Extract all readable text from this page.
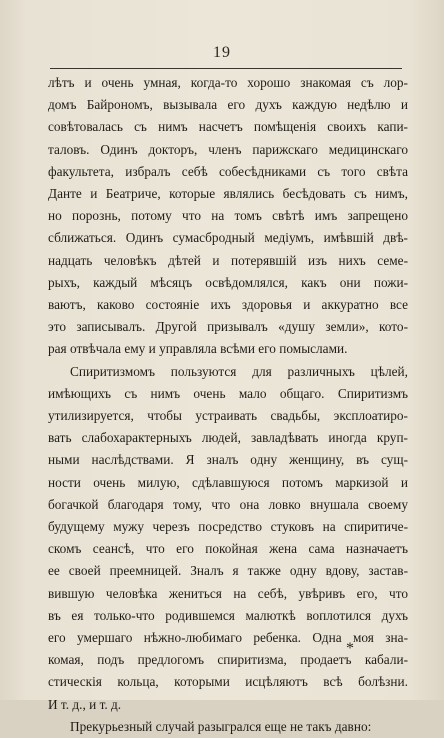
19
лѣтъ и очень умная, когда-то хорошо знакомая съ лор-
домъ Байрономъ, вызывала его духъ каждую недѣлю и
совѣтовалась съ нимъ насчетъ помѣщенія своихъ капи-
таловъ. Одинъ докторъ, членъ парижскаго медицинскаго
факультета, избралъ себѣ собесѣдниками съ того свѣта
Данте и Беатриче, которые являлись бесѣдовать съ нимъ,
но порознь, потому что на томъ свѣтѣ имъ запрещено
сближаться. Одинъ сумасбродный медіумъ, имѣвшій двѣ-
надцать человѣкъ дѣтей и потерявшій изъ нихъ семе-
рыхъ, каждый мѣсяцъ освѣдомлялся, какъ они пожи-
ваютъ, каково состояніе ихъ здоровья и аккуратно все
это записывалъ. Другой призывалъ «душу земли», кото-
рая отвѣчала ему и управляла всѣми его помыслами.
Спиритизмомъ пользуются для различныхъ цѣлей,
имѣющихъ съ нимъ очень мало общаго. Спиритизмъ
утилизируется, чтобы устраивать свадьбы, эксплоатиро-
вать слабохарактерныхъ людей, завладѣвать иногда круп-
ными наслѣдствами. Я зналъ одну женщину, въ сущ-
ности очень милую, сдѣлавшуюся потомъ маркизой и
богачкой благодаря тому, что она ловко внушала своему
будущему мужу черезъ посредство стуковъ на спиритиче-
скомъ сеансѣ, что его покойная жена сама назначаетъ
ее своей преемницей. Зналъ я также одну вдову, застав-
вившую человѣка жениться на себѣ, увѣривъ его, что
въ ея только-что родившемся малюткѣ воплотился духъ
его умершаго нѣжно-любимаго ребенка. Одна моя зна-
комая, подъ предлогомъ спиритизма, продаетъ кабали-
стическія кольца, которыми исцѣляютъ всѣ болѣзни.
И т. д., и т. д.
Прекурьезный случай разыгрался еще не такъ давно:
*
